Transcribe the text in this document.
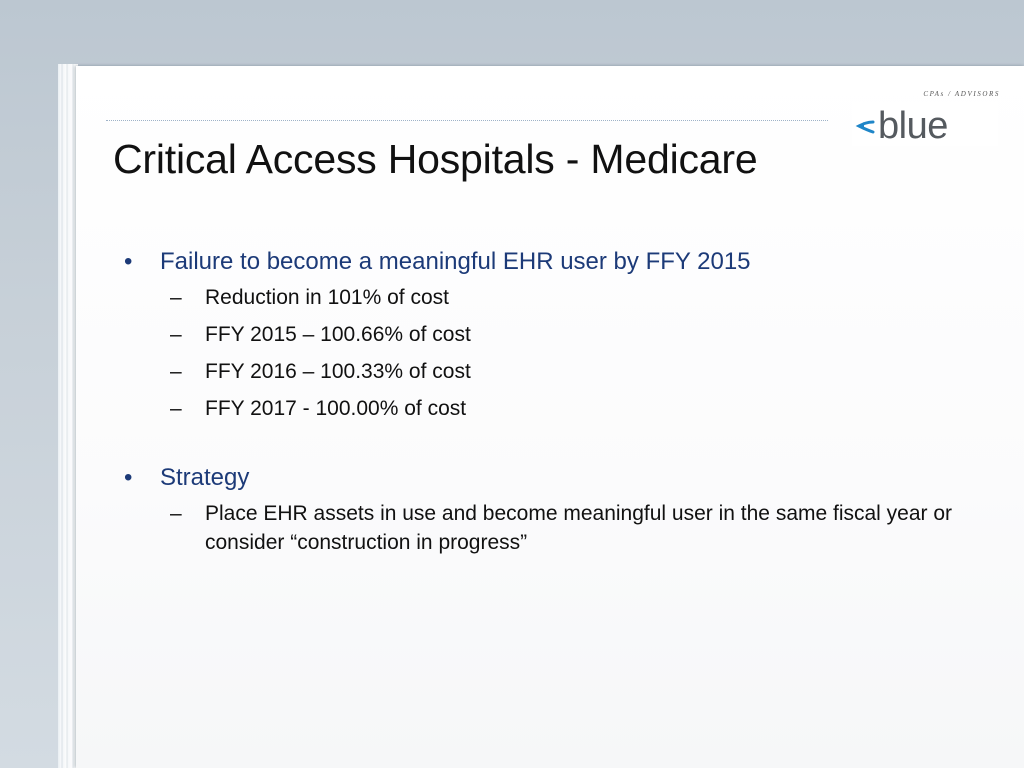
CPAs / ADVISORS
blue
Critical Access Hospitals - Medicare
• Failure to become a meaningful EHR user by FFY 2015
– Reduction in 101% of cost
– FFY 2015 – 100.66% of cost
– FFY 2016 – 100.33% of cost
– FFY 2017 - 100.00% of cost
• Strategy
– Place EHR assets in use and become meaningful user in the same fiscal year or consider “construction in progress”
